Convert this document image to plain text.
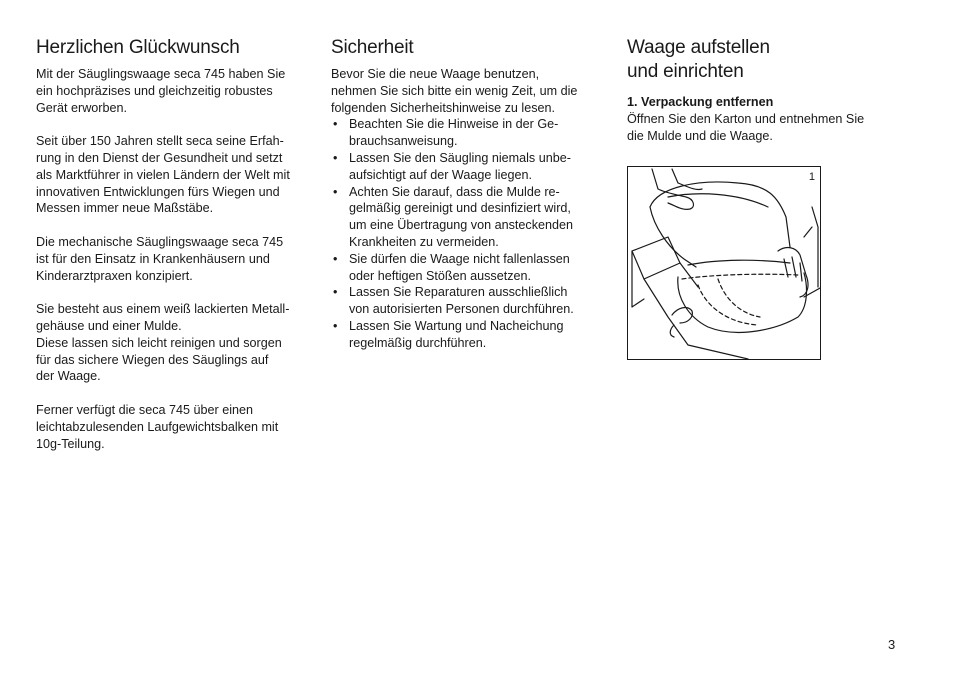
Herzlichen Glückwunsch

Mit der Säuglingswaage seca 745 haben Sie
ein hochpräzises und gleichzeitig robustes
Gerät erworben.

Seit über 150 Jahren stellt seca seine Erfah-
rung in den Dienst der Gesundheit und setzt
als Marktführer in vielen Ländern der Welt mit
innovativen Entwicklungen fürs Wiegen und
Messen immer neue Maßstäbe.

Die mechanische Säuglingswaage seca 745
ist für den Einsatz in Krankenhäusern und
Kinderarztpraxen konzipiert.

Sie besteht aus einem weiß lackierten Metall-
gehäuse und einer Mulde.
Diese lassen sich leicht reinigen und sorgen
für das sichere Wiegen des Säuglings auf
der Waage.

Ferner verfügt die seca 745 über einen
leichtabzulesenden Laufgewichtsbalken mit
10g-Teilung.

Sicherheit

Bevor Sie die neue Waage benutzen,
nehmen Sie sich bitte ein wenig Zeit, um die
folgenden Sicherheitshinweise zu lesen.

• Beachten Sie die Hinweise in der Ge-
brauchsanweisung.
• Lassen Sie den Säugling niemals unbe-
aufsichtigt auf der Waage liegen.
• Achten Sie darauf, dass die Mulde re-
gelmäßig gereinigt und desinfiziert wird,
um eine Übertragung von ansteckenden
Krankheiten zu vermeiden.
• Sie dürfen die Waage nicht fallenlassen
oder heftigen Stößen aussetzen.
• Lassen Sie Reparaturen ausschließlich
von autorisierten Personen durchführen.
• Lassen Sie Wartung und Nacheichung
regelmäßig durchführen.
Waage aufstellen
und einrichten

1. Verpackung entfernen

Öffnen Sie den Karton und entnehmen Sie
die Mulde und die Waage.

1
3
